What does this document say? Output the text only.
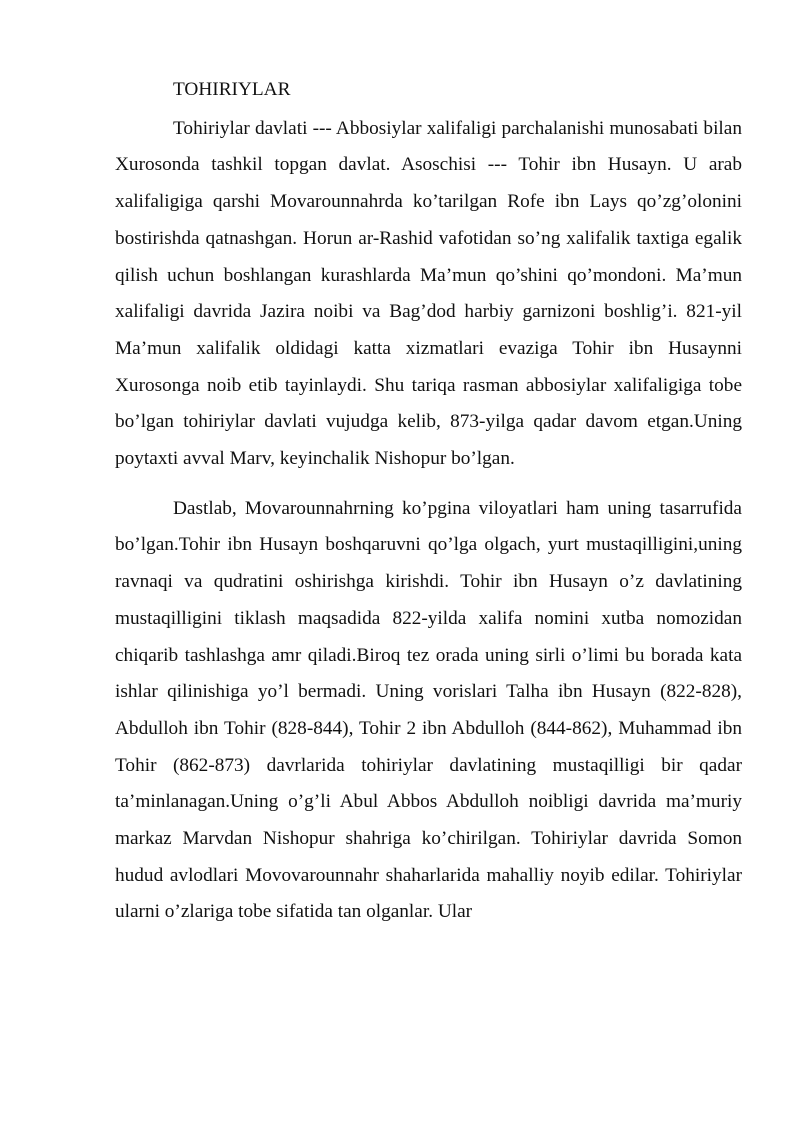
TOHIRIYLAR

Tohiriylar davlati --- Abbosiylar xalifaligi parchalanishi munosabati bilan Xurosonda tashkil topgan davlat. Asoschisi --- Tohir ibn Husayn. U arab xalifaligiga qarshi Movarounnahrda ko’tarilgan Rofe ibn Lays qo’zg’olonini bostirishda qatnashgan. Horun ar-Rashid vafotidan so’ng xalifalik taxtiga egalik qilish uchun boshlangan kurashlarda Ma’mun qo’shini qo’mondoni. Ma’mun xalifaligi davrida Jazira noibi va Bag’dod harbiy garnizoni boshlig’i. 821-yil Ma’mun xalifalik oldidagi katta xizmatlari evaziga Tohir ibn Husaynni Xurosonga noib etib tayinlaydi. Shu tariqa rasman abbosiylar xalifaligiga tobe bo’lgan tohiriylar davlati vujudga kelib, 873-yilga qadar davom etgan.Uning poytaxti avval Marv, keyinchalik Nishopur bo’lgan.

Dastlab, Movarounnahrning ko’pgina viloyatlari ham uning tasarrufida bo’lgan.Tohir ibn Husayn boshqaruvni qo’lga olgach, yurt mustaqilligini,uning ravnaqi va qudratini oshirishga kirishdi. Tohir ibn Husayn o’z davlatining mustaqilligini tiklash maqsadida 822-yilda xalifa nomini xutba nomozidan chiqarib tashlashga amr qiladi.Biroq tez orada uning sirli o’limi bu borada kata ishlar qilinishiga yo’l bermadi. Uning vorislari Talha ibn Husayn (822-828), Abdulloh ibn Tohir (828-844), Tohir 2 ibn Abdulloh (844-862), Muhammad ibn Tohir (862-873) davrlarida tohiriylar davlatining mustaqilligi bir qadar ta’minlanagan.Uning o’g’li Abul Abbos Abdulloh noibligi davrida ma’muriy markaz Marvdan Nishopur shahriga ko’chirilgan. Tohiriylar davrida Somon hudud avlodlari Movovarounnahr shaharlarida mahalliy noyib edilar. Tohiriylar ularni o’zlariga tobe sifatida tan olganlar. Ular
